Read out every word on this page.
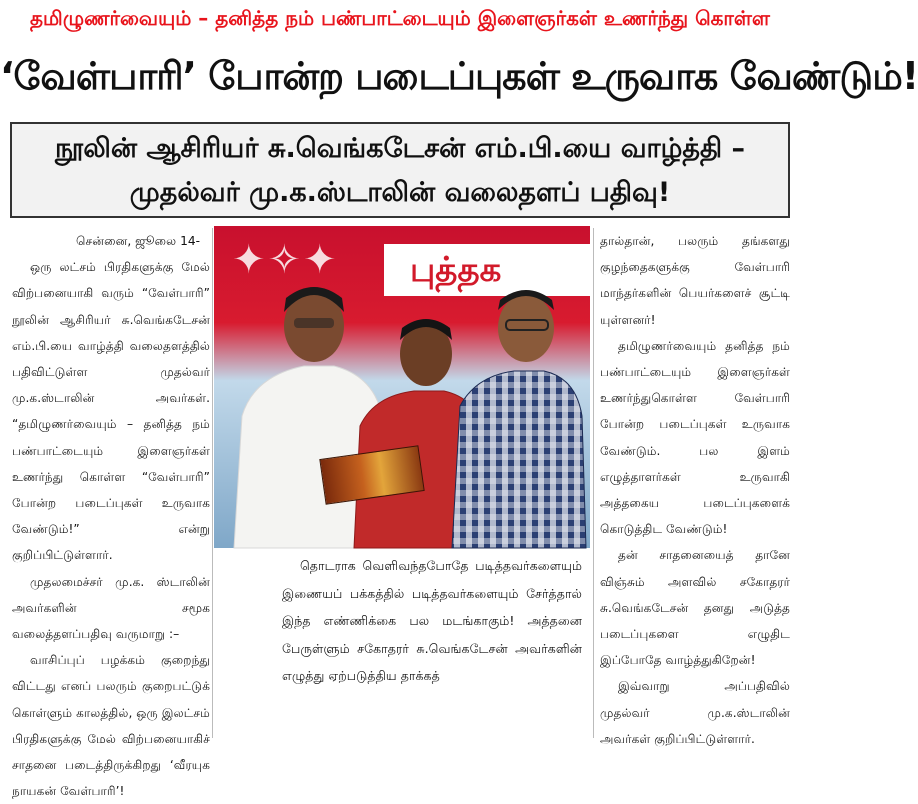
தமிழுணர்வையும் – தனித்த நம் பண்பாட்டையும் இளைஞர்கள் உணர்ந்து கொள்ள
‘வேள்பாரி’ போன்ற படைப்புகள் உருவாக வேண்டும்!
நூலின் ஆசிரியர் சு.வெங்கடேசன் எம்.பி.யை வாழ்த்தி –
முதல்வர் மு.க.ஸ்டாலின் வலைதளப் பதிவு!
சென்னை, ஜூலை 14-

ஒரு லட்சம் பிரதிகளுக்கு மேல் விற்பனையாகி வரும் “வேள்பாரி” நூலின் ஆசிரியர் சு.வெங்கடேசன் எம்.பி.யை வாழ்த்தி வலைதளத்தில் பதிவிட்டுள்ள முதல்வர் மு.க.ஸ்டாலின் அவர்கள். “தமிழுணர்வையும் – தனித்த நம் பண்பாட்டையும் இளைஞர்கள் உணர்ந்து கொள்ள “வேள்பாரி” போன்ற படைப்புகள் உருவாக வேண்டும்!” என்று குறிப்பிட்டுள்ளார்.

முதலமைச்சர் மு.க. ஸ்டாலின் அவர்களின் சமூக வலைத்தளப்பதிவு வருமாறு :–

வாசிப்புப் பழக்கம் குறைந்து விட்டது எனப் பலரும் குறைபட்டுக் கொள்ளும் காலத்தில், ஒரு இலட்சம் பிரதிகளுக்கு மேல் விற்பனையாகிச் சாதனை படைத்திருக்கிறது ‘வீரயுக நாயகன் வேள்பாரி’!

✦✧✦ புத்தக

தொடராக வெளிவந்தபோதே படித்தவர்களையும் இணையப் பக்கத்தில் படித்தவர்களையும் சேர்த்தால் இந்த எண்ணிக்கை பல மடங்காகும்! அத்தனை பேருள்ளும் சகோதரர் சு.வெங்கடேசன் அவர்களின் எழுத்து ஏற்படுத்திய தாக்கத்

தால்தான், பலரும் தங்களது குழந்தைகளுக்கு வேள்பாரி மாந்தர்களின் பெயர்களைச் சூட்டி யுள்ளனர்!

தமிழுணர்வையும் தனித்த நம் பண்பாட்டையும் இளைஞர்கள் உணர்ந்துகொள்ள வேள்பாரி போன்ற படைப்புகள் உருவாக வேண்டும். பல இளம் எழுத்தாளர்கள் உருவாகி அத்தகைய படைப்புகளைக் கொடுத்திட வேண்டும்!

தன் சாதனையைத் தானே விஞ்சும் அளவில் சகோதரர் சு.வெங்கடேசன் தனது அடுத்த படைப்புகளை எழுதிட இப்போதே வாழ்த்துகிறேன்!

இவ்வாறு அப்பதிவில் முதல்வர் மு.க.ஸ்டாலின் அவர்கள் குறிப்பிட்டுள்ளார்.
